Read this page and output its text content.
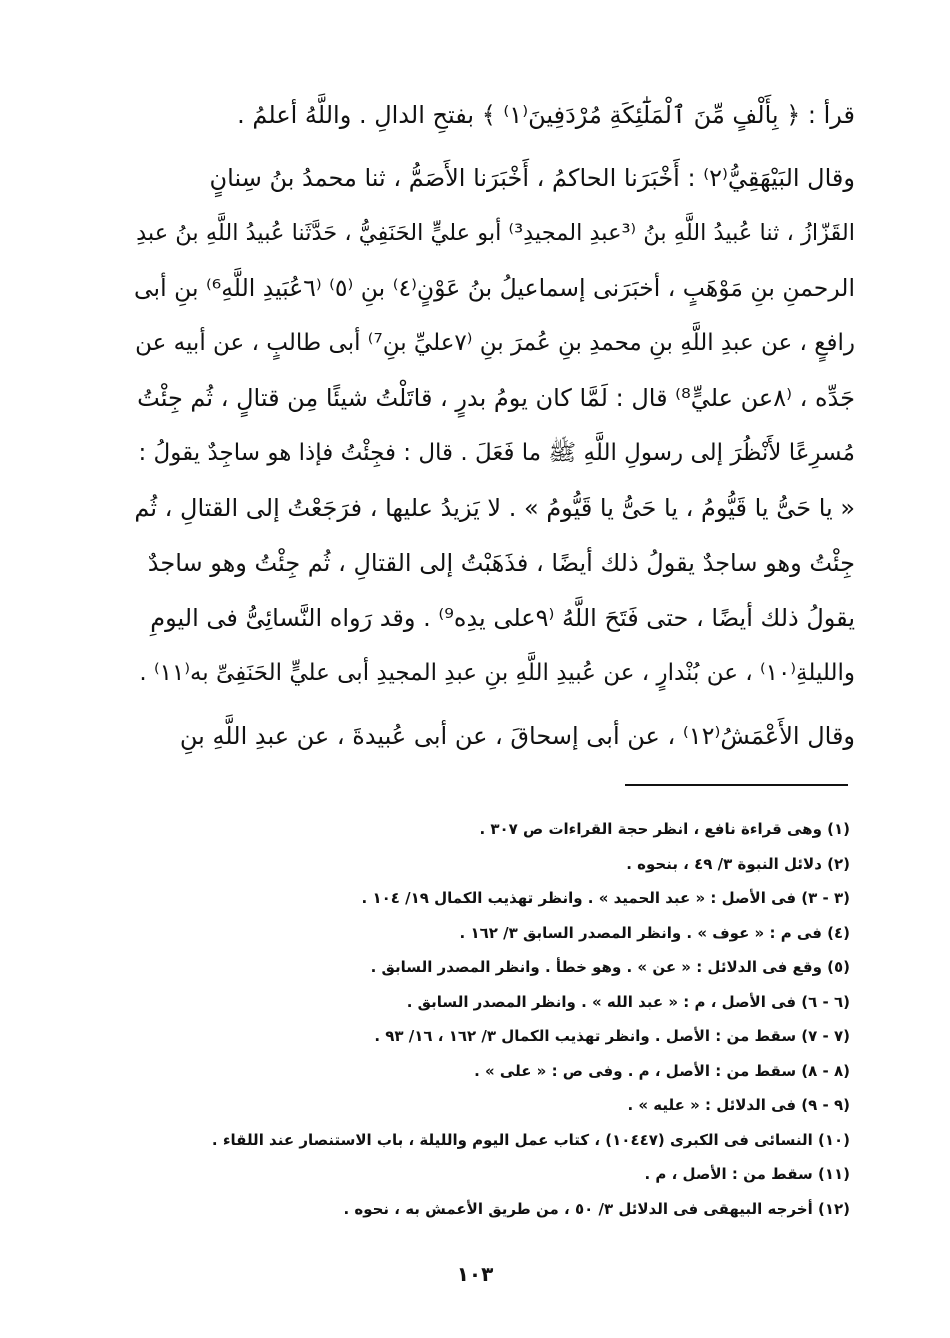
قرأ : ﴿ بِأَلْفٍ مِّنَ ٱلْمَلَٰٓئِكَةِ مُرْدَفِينَ⁽١⁾ ﴾ بفتحِ الدالِ . واللَّهُ أعلمُ .
وقال البَيْهَقِيُّ⁽٢⁾ : أَخْبَرَنا الحاكمُ ، أَخْبَرَنا الأَصَمُّ ، ثنا محمدُ بنُ سِنانٍ
القَزّازُ ، ثنا عُبيدُ اللَّهِ بنُ ⁽³عبدِ المجيدِ³⁾ أبو عليٍّ الحَنَفِيُّ ، حَدَّثَنا عُبيدُ اللَّهِ بنُ عبدِ
الرحمنِ بنِ مَوْهَبٍ ، أخبَرَنى إسماعيلُ بنُ عَوْنٍ⁽٤⁾ بنِ ⁽٥⁾ ⁽٦عُبَيدِ اللَّهِ⁶⁾ بنِ أبى
رافعٍ ، عن عبدِ اللَّهِ بنِ محمدِ بنِ عُمرَ بنِ ⁽٧عليِّ بنِ⁷⁾ أبى طالبٍ ، عن أبيه عن
جَدِّه ، ⁽٨عن عليٍّ⁸⁾ قال : لَمَّا كان يومُ بدرٍ ، قاتَلْتُ شيئًا مِن قتالٍ ، ثُم جِئْتُ
مُسرِعًا لأَنْظُرَ إلى رسولِ اللَّهِ ﷺ ما فَعَلَ . قال : فجِئْتُ فإذا هو ساجِدٌ يقولُ :
« يا حَىُّ يا قَيُّومُ ، يا حَىُّ يا قَيُّومُ » . لا يَزيدُ عليها ، فرَجَعْتُ إلى القتالِ ، ثُم
جِئْتُ وهو ساجدٌ يقولُ ذلك أيضًا ، فذَهَبْتُ إلى القتالِ ، ثُم جِئْتُ وهو ساجدٌ
يقولُ ذلك أيضًا ، حتى فَتَحَ اللَّهُ ⁽٩على يدِه⁹⁾ . وقد رَواه النَّسائِىُّ فى اليومِ
والليلةِ⁽١٠⁾ ، عن بُنْدارٍ ، عن عُبيدِ اللَّهِ بنِ عبدِ المجيدِ أبى عليٍّ الحَنَفِىِّ به⁽١١⁾ .
وقال الأَعْمَشُ⁽١٢⁾ ، عن أبى إسحاقَ ، عن أبى عُبيدةَ ، عن عبدِ اللَّهِ بنِ
(١) وهى قراءة نافع ، انظر حجة القراءات ص ٣٠٧ .
(٢) دلائل النبوة ٣/ ٤٩ ، بنحوه .
(٣ - ٣) فى الأصل : « عبد الحميد » . وانظر تهذيب الكمال ١٩/ ١٠٤ .
(٤) فى م : « عوف » . وانظر المصدر السابق ٣/ ١٦٢ .
(٥) وقع فى الدلائل : « عن » . وهو خطأ . وانظر المصدر السابق .
(٦ - ٦) فى الأصل ، م : « عبد الله » . وانظر المصدر السابق .
(٧ - ٧) سقط من : الأصل . وانظر تهذيب الكمال ٣/ ١٦٢ ، ١٦/ ٩٣ .
(٨ - ٨) سقط من : الأصل ، م . وفى ص : « على » .
(٩ - ٩) فى الدلائل : « عليه » .
(١٠) النسائى فى الكبرى (١٠٤٤٧) ، كتاب عمل اليوم والليلة ، باب الاستنصار عند اللقاء .
(١١) سقط من : الأصل ، م .
(١٢) أخرجه البيهقى فى الدلائل ٣/ ٥٠ ، من طريق الأعمش به ، نحوه .
١٠٣
